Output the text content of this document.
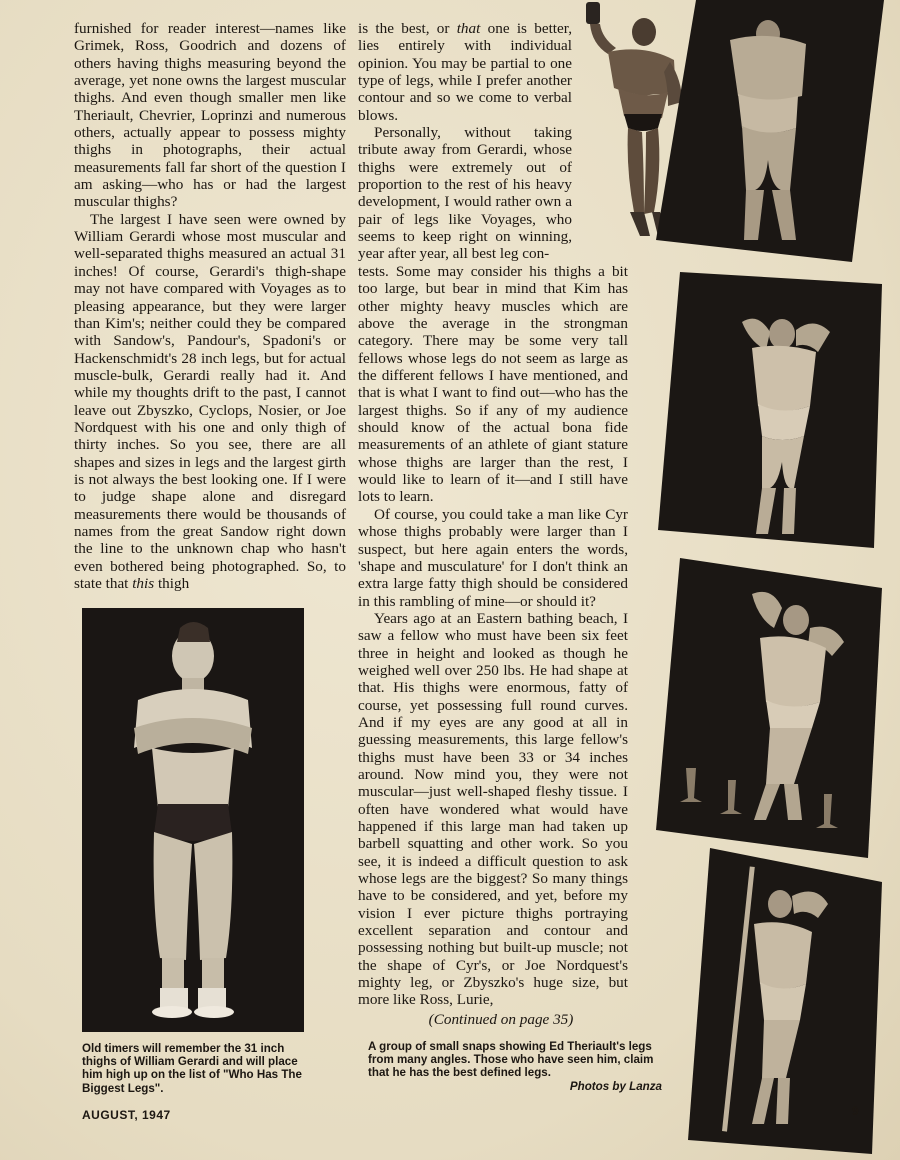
furnished for reader interest—names like Grimek, Ross, Goodrich and dozens of others having thighs measuring beyond the average, yet none owns the largest muscular thighs. And even though smaller men like Theriault, Chevrier, Loprinzi and numerous others, actually appear to possess mighty thighs in photographs, their actual measurements fall far short of the question I am asking—who has or had the largest muscular thighs?

The largest I have seen were owned by William Gerardi whose most muscular and well-separated thighs measured an actual 31 inches! Of course, Gerardi's thigh-shape may not have compared with Voyages as to pleasing appearance, but they were larger than Kim's; neither could they be compared with Sandow's, Pandour's, Spadoni's or Hackenschmidt's 28 inch legs, but for actual muscle-bulk, Gerardi really had it. And while my thoughts drift to the past, I cannot leave out Zbyszko, Cyclops, Nosier, or Joe Nordquest with his one and only thigh of thirty inches. So you see, there are all shapes and sizes in legs and the largest girth is not always the best looking one. If I were to judge shape alone and disregard measurements there would be thousands of names from the great Sandow right down the line to the unknown chap who hasn't even bothered being photographed. So, to state that this thigh

is the best, or that one is better, lies entirely with individual opinion. You may be partial to one type of legs, while I prefer another contour and so we come to verbal blows.

Personally, without taking tribute away from Gerardi, whose thighs were extremely out of proportion to the rest of his heavy development, I would rather own a pair of legs like Voyages, who seems to keep right on winning, year after year, all best leg con-

tests. Some may consider his thighs a bit too large, but bear in mind that Kim has other mighty heavy muscles which are above the average in the strongman category. There may be some very tall fellows whose legs do not seem as large as the different fellows I have mentioned, and that is what I want to find out—who has the largest thighs. So if any of my audience should know of the actual bona fide measurements of an athlete of giant stature whose thighs are larger than the rest, I would like to learn of it—and I still have lots to learn.

Of course, you could take a man like Cyr whose thighs probably were larger than I suspect, but here again enters the words, 'shape and musculature' for I don't think an extra large fatty thigh should be considered in this rambling of mine—or should it?

Years ago at an Eastern bathing beach, I saw a fellow who must have been six feet three in height and looked as though he weighed well over 250 lbs. He had shape at that. His thighs were enormous, fatty of course, yet possessing full round curves. And if my eyes are any good at all in guessing measurements, this large fellow's thighs must have been 33 or 34 inches around. Now mind you, they were not muscular—just well-shaped fleshy tissue. I often have wondered what would have happened if this large man had taken up barbell squatting and other work. So you see, it is indeed a difficult question to ask whose legs are the biggest? So many things have to be considered, and yet, before my vision I ever picture thighs portraying excellent separation and contour and possessing nothing but built-up muscle; not the shape of Cyr's, or Joe Nordquest's mighty leg, or Zbyszko's huge size, but more like Ross, Lurie,

(Continued on page 35)

Old timers will remember the 31 inch thighs of William Gerardi and will place him high up on the list of "Who Has The Biggest Legs".
A group of small snaps showing Ed Theriault's legs from many angles. Those who have seen him, claim that he has the best defined legs.
Photos by Lanza
AUGUST, 1947	9
